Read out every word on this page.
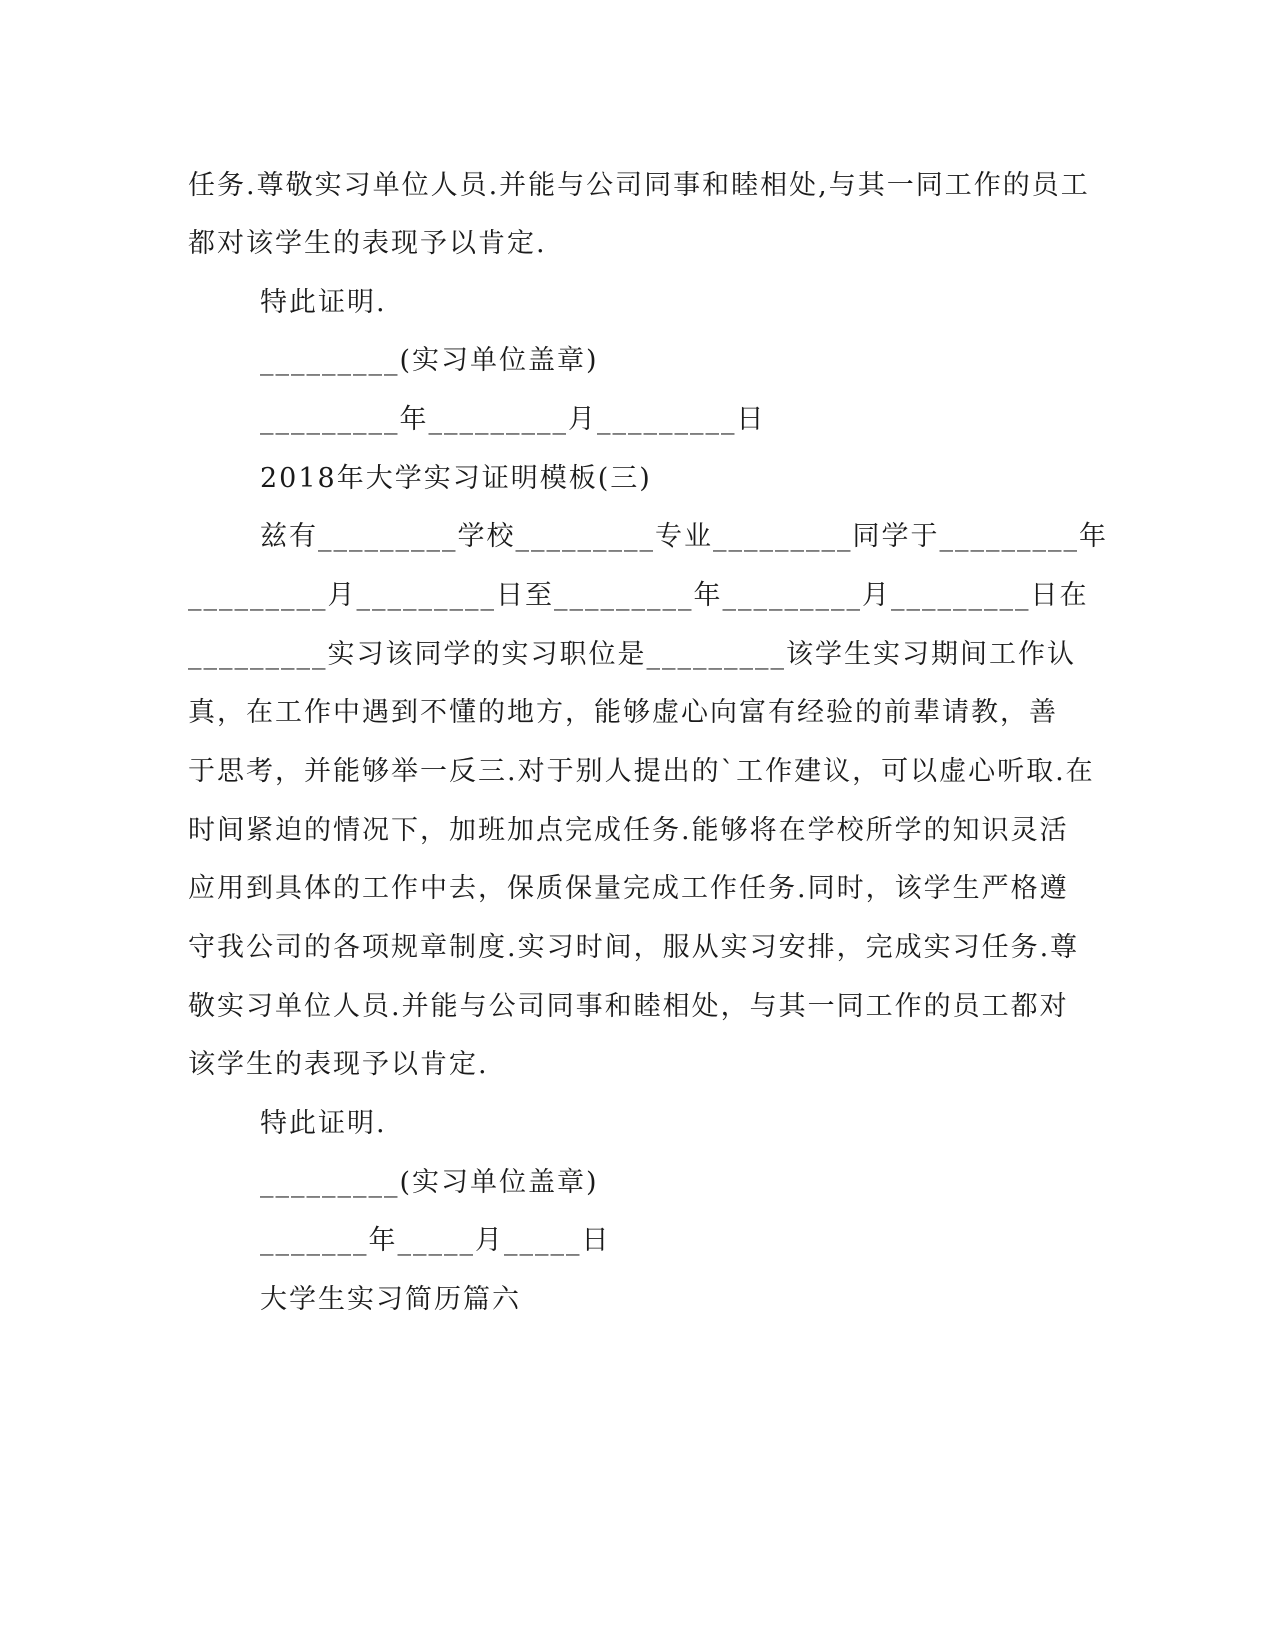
任务.尊敬实习单位人员.并能与公司同事和睦相处,与其一同工作的员工
都对该学生的表现予以肯定.
特此证明.
_________(实习单位盖章)
_________年_________月_________日
2018年大学实习证明模板(三)
兹有_________学校_________专业_________同学于_________年
_________月_________日至_________年_________月_________日在
_________实习该同学的实习职位是_________该学生实习期间工作认
真，在工作中遇到不懂的地方，能够虚心向富有经验的前辈请教，善
于思考，并能够举一反三.对于别人提出的`工作建议，可以虚心听取.在
时间紧迫的情况下，加班加点完成任务.能够将在学校所学的知识灵活
应用到具体的工作中去，保质保量完成工作任务.同时，该学生严格遵
守我公司的各项规章制度.实习时间，服从实习安排，完成实习任务.尊
敬实习单位人员.并能与公司同事和睦相处，与其一同工作的员工都对
该学生的表现予以肯定.
特此证明.
_________(实习单位盖章)
_______年_____月_____日
大学生实习简历篇六
